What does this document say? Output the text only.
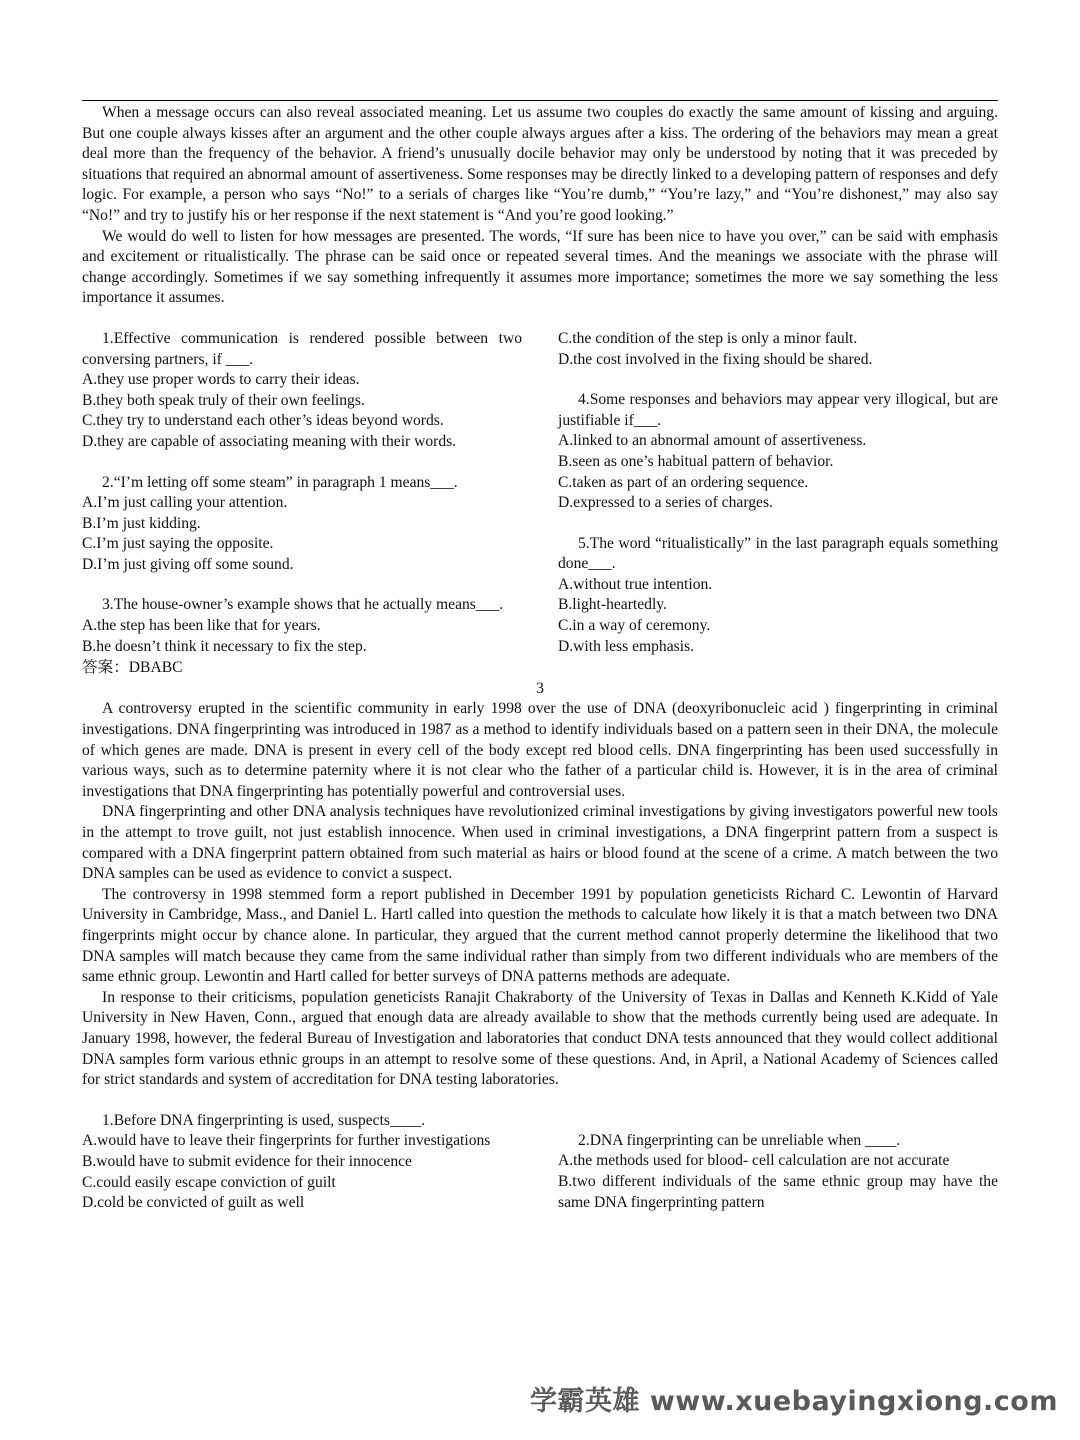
When a message occurs can also reveal associated meaning. Let us assume two couples do exactly the same amount of kissing and arguing. But one couple always kisses after an argument and the other couple always argues after a kiss. The ordering of the behaviors may mean a great deal more than the frequency of the behavior. A friend’s unusually docile behavior may only be understood by noting that it was preceded by situations that required an abnormal amount of assertiveness. Some responses may be directly linked to a developing pattern of responses and defy logic. For example, a person who says “No!” to a serials of charges like “You’re dumb,” “You’re lazy,” and “You’re dishonest,” may also say “No!” and try to justify his or her response if the next statement is “And you’re good looking.”

We would do well to listen for how messages are presented. The words, “If sure has been nice to have you over,” can be said with emphasis and excitement or ritualistically. The phrase can be said once or repeated several times. And the meanings we associate with the phrase will change accordingly. Sometimes if we say something infrequently it assumes more importance; sometimes the more we say something the less importance it assumes.

1.Effective communication is rendered possible between two conversing partners, if ___.
A.they use proper words to carry their ideas.
B.they both speak truly of their own feelings.
C.they try to understand each other’s ideas beyond words.
D.they are capable of associating meaning with their words.
2.“I’m letting off some steam” in paragraph 1 means___.
A.I’m just calling your attention.
B.I’m just kidding.
C.I’m just saying the opposite.
D.I’m just giving off some sound.
3.The house-owner’s example shows that he actually means___.
A.the step has been like that for years.
B.he doesn’t think it necessary to fix the step.
答案：DBABC
C.the condition of the step is only a minor fault.
D.the cost involved in the fixing should be shared.
4.Some responses and behaviors may appear very illogical, but are justifiable if___.
A.linked to an abnormal amount of assertiveness.
B.seen as one’s habitual pattern of behavior.
C.taken as part of an ordering sequence.
D.expressed to a series of charges.
5.The word “ritualistically” in the last paragraph equals something done___.
A.without true intention.
B.light-heartedly.
C.in a way of ceremony.
D.with less emphasis.
3

A controversy erupted in the scientific community in early 1998 over the use of DNA (deoxyribonucleic acid ) fingerprinting in criminal investigations. DNA fingerprinting was introduced in 1987 as a method to identify individuals based on a pattern seen in their DNA, the molecule of which genes are made. DNA is present in every cell of the body except red blood cells. DNA fingerprinting has been used successfully in various ways, such as to determine paternity where it is not clear who the father of a particular child is. However, it is in the area of criminal investigations that DNA fingerprinting has potentially powerful and controversial uses.

DNA fingerprinting and other DNA analysis techniques have revolutionized criminal investigations by giving investigators powerful new tools in the attempt to trove guilt, not just establish innocence. When used in criminal investigations, a DNA fingerprint pattern from a suspect is compared with a DNA fingerprint pattern obtained from such material as hairs or blood found at the scene of a crime. A match between the two DNA samples can be used as evidence to convict a suspect.

The controversy in 1998 stemmed form a report published in December 1991 by population geneticists Richard C. Lewontin of Harvard University in Cambridge, Mass., and Daniel L. Hartl called into question the methods to calculate how likely it is that a match between two DNA fingerprints might occur by chance alone. In particular, they argued that the current method cannot properly determine the likelihood that two DNA samples will match because they came from the same individual rather than simply from two different individuals who are members of the same ethnic group. Lewontin and Hartl called for better surveys of DNA patterns methods are adequate.

In response to their criticisms, population geneticists Ranajit Chakraborty of the University of Texas in Dallas and Kenneth K.Kidd of Yale University in New Haven, Conn., argued that enough data are already available to show that the methods currently being used are adequate. In January 1998, however, the federal Bureau of Investigation and laboratories that conduct DNA tests announced that they would collect additional DNA samples form various ethnic groups in an attempt to resolve some of these questions. And, in April, a National Academy of Sciences called for strict standards and system of accreditation for DNA testing laboratories.

1.Before DNA fingerprinting is used, suspects____.
A.would have to leave their fingerprints for further investigations
B.would have to submit evidence for their innocence
C.could easily escape conviction of guilt
D.cold be convicted of guilt as well
2.DNA fingerprinting can be unreliable when ____.
A.the methods used for blood- cell calculation are not accurate
B.two different individuals of the same ethnic group may have the same DNA fingerprinting pattern
学霸英雄 www.xuebayingxiong.com
